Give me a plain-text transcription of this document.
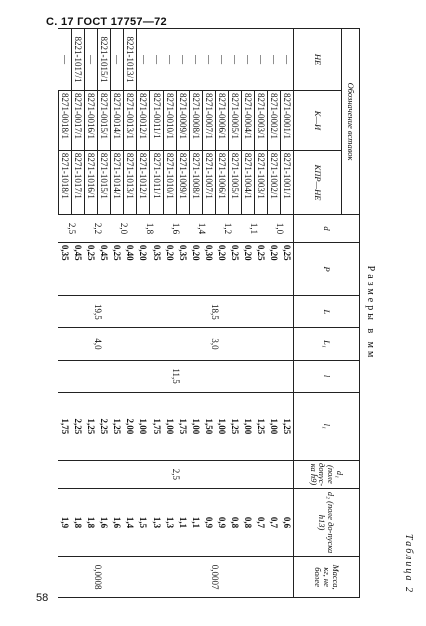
С. 17 ГОСТ 17757—72
58
Таблица 2
Размеры в мм
Обозначение вставок			d	P	L	L₁	l	l₁	d₁ (поле допус-ка h9)	d₂ (поле до-пуска h13)	Масса, кг, не более
НЕ	К—И	КПР—НЕ									
—	8271-0001/1	8271-1001/1	1,0	0,25	18,5	3,0	11,5	1,25	2,5	0,6	0,0007
—	8271-0002/1	8271-1002/1		0,20				1,00		0,7	
—	8271-0003/1	8271-1003/1	1,1	0,25				1,25		0,7	
—	8271-0004/1	8271-1004/1		0,20				1,00		0,8	
—	8271-0005/1	8271-1005/1	1,2	0,25				1,25		0,8	
—	8271-0006/1	8271-1006/1		0,20				1,00		0,9	
—	8271-0007/1	8271-1007/1	1,4	0,30				1,50		0,9	
—	8271-0008/1	8271-1008/1		0,20				1,00		1,1	
—	8271-0009/1	8271-1009/1	1,6	0,35				1,75		1,1	
—	8271-0010/1	8271-1010/1		0,20				1,00		1,3	
—	8271-0011/1	8271-1011/1	1,8	0,35				1,75		1,3	
—	8271-0012/1	8271-1012/1		0,20				1,00		1,5	
8221-1013/1	8271-0013/1	8271-1013/1	2,0	0,40	19,5	4,0		2,00		1,4	0,0008
—	8271-0014/1	8271-1014/1		0,25				1,25		1,6	
8221-1015/1	8271-0015/1	8271-1015/1	2,2	0,45				2,25		1,6	
—	8271-0016/1	8271-1016/1		0,25				1,25		1,8	
8221-1017/1	8271-0017/1	8271-1017/1	2,5	0,45				2,25		1,8	
—	8271-0018/1	8271-1018/1		0,35				1,75		1,9	
